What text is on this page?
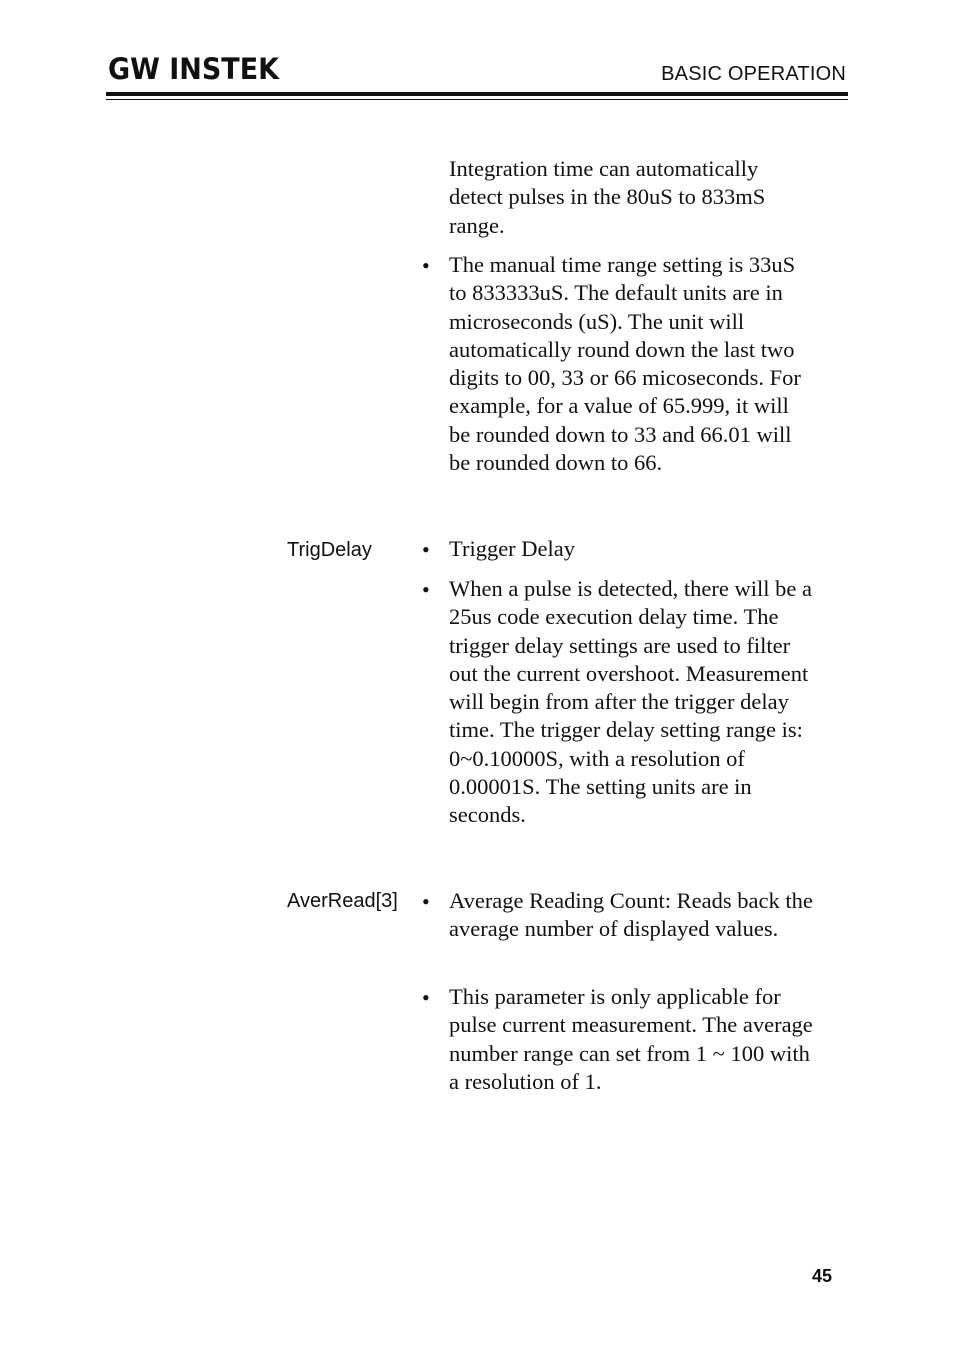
GW INSTEK	BASIC OPERATION

Integration time can automatically detect pulses in the 80uS to 833mS range.

• The manual time range setting is 33uS to 833333uS. The default units are in microseconds (uS). The unit will automatically round down the last two digits to 00, 33 or 66 micoseconds. For example, for a value of 65.999, it will be rounded down to 33 and 66.01 will be rounded down to 66.

TrigDelay • Trigger Delay

• When a pulse is detected, there will be a 25us code execution delay time. The trigger delay settings are used to filter out the current overshoot. Measurement will begin from after the trigger delay time. The trigger delay setting range is: 0~0.10000S, with a resolution of 0.00001S. The setting units are in seconds.

AverRead[3] • Average Reading Count: Reads back the average number of displayed values.

• This parameter is only applicable for pulse current measurement. The average number range can set from 1 ~ 100 with a resolution of 1.

45
